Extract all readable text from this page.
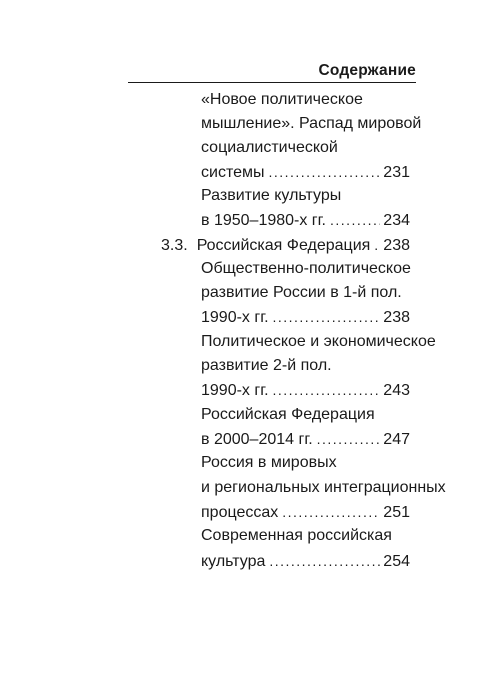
Содержание
«Новое политическое
мышление». Распад мировой
социалистической
системы . . .	231
Развитие культуры
в 1950–1980-х гг. . . .	234
3.3. Российская Федерация . . . 238
Общественно-политическое
развитие России в 1-й пол.
1990-х гг. . . .	238
Политическое и экономическое
развитие 2-й пол.
1990-х гг. . . .	243
Российская Федерация
в 2000–2014 гг. . . .	247
Россия в мировых
и региональных интеграционных
процессах . . .	251
Современная российская
культура . . .	254
